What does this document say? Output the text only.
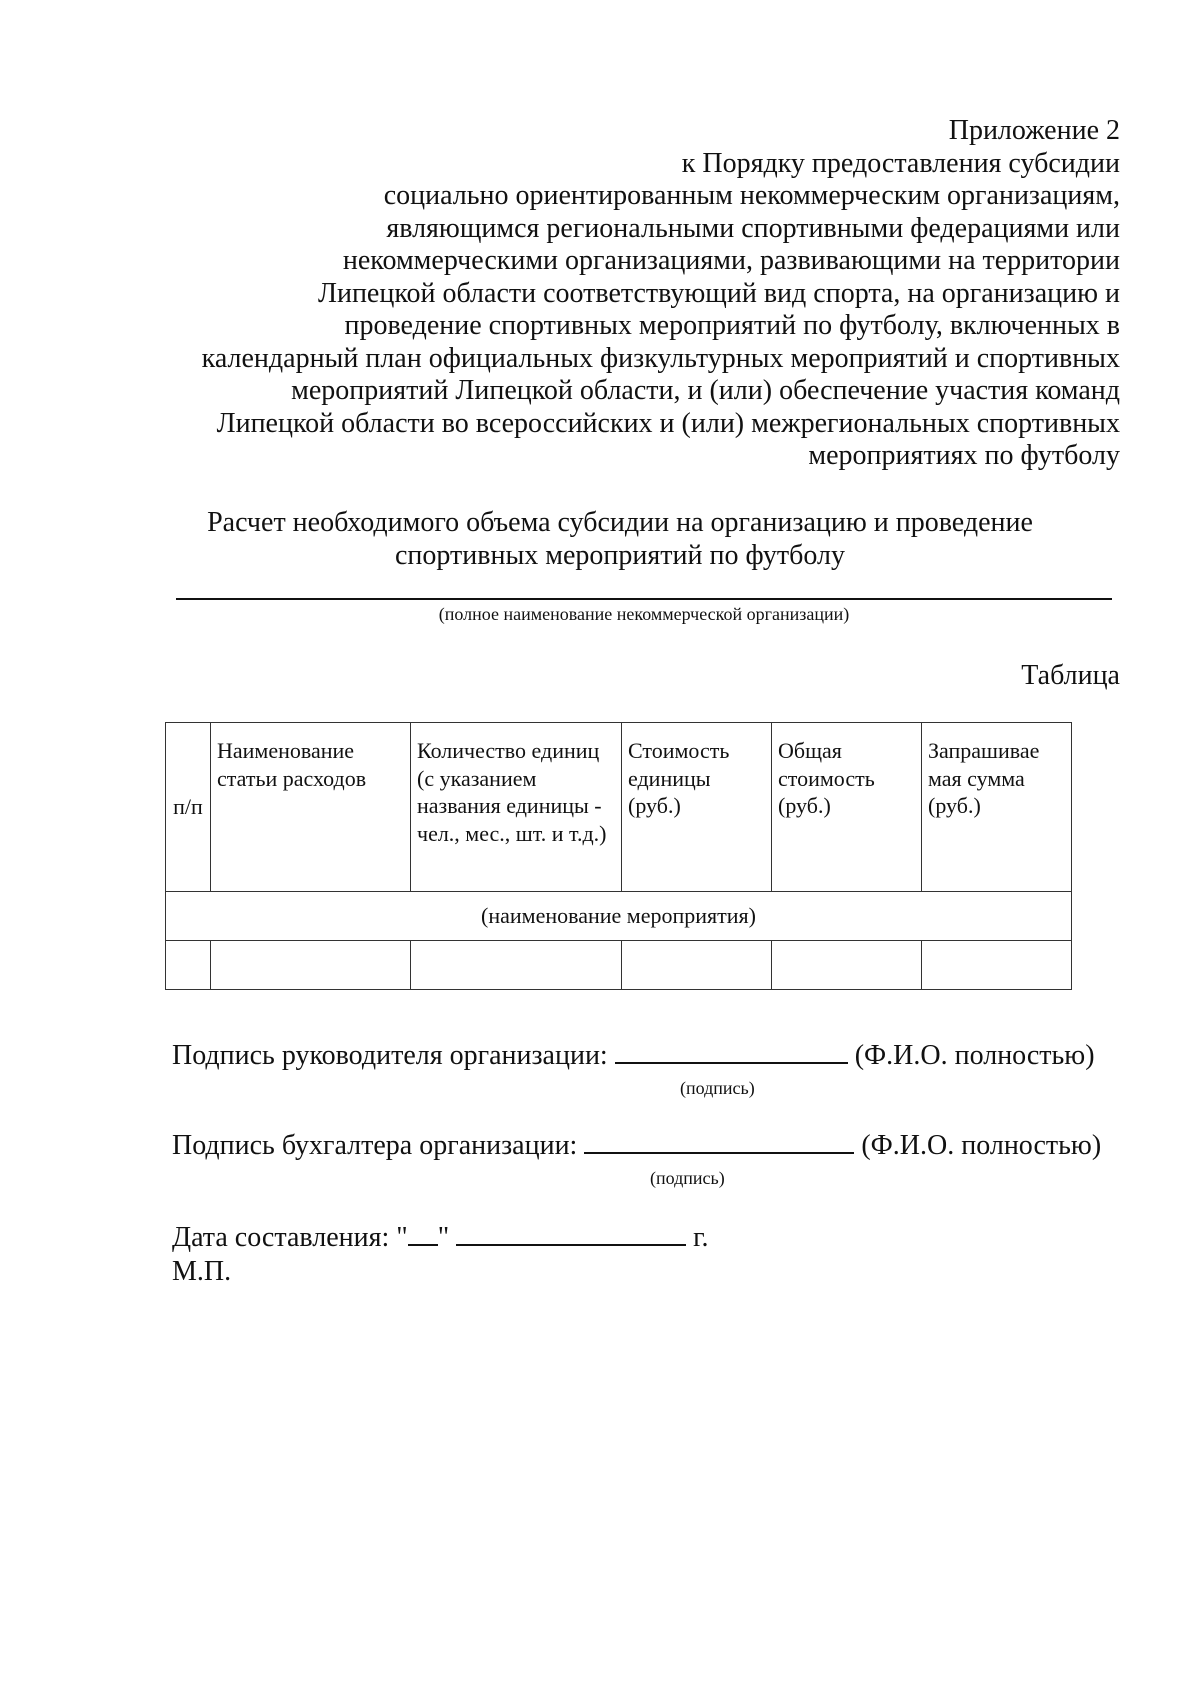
Приложение 2
к Порядку предоставления субсидии
социально ориентированным некоммерческим организациям,
являющимся региональными спортивными федерациями или
некоммерческими организациями, развивающими на территории
Липецкой области соответствующий вид спорта, на организацию и
проведение спортивных мероприятий по футболу, включенных в
календарный план официальных физкультурных мероприятий и спортивных
мероприятий Липецкой области, и (или) обеспечение участия команд
Липецкой области во всероссийских и (или) межрегиональных спортивных
мероприятиях по футболу
Расчет необходимого объема субсидии на организацию и проведение
спортивных мероприятий по футболу
(полное наименование некоммерческой организации)
Таблица
п/п	Наименование статьи расходов	Количество единиц (с указанием названия единицы - чел., мес., шт. и т.д.)	Стоимость единицы (руб.)	Общая стоимость (руб.)	Запрашивае мая сумма (руб.)
(наименование мероприятия)					

Подпись руководителя организации:	(Ф.И.О. полностью)
(подпись)
Подпись бухгалтера организации:	(Ф.И.О. полностью)
(подпись)
Дата составления: " "	г.
М.П.
